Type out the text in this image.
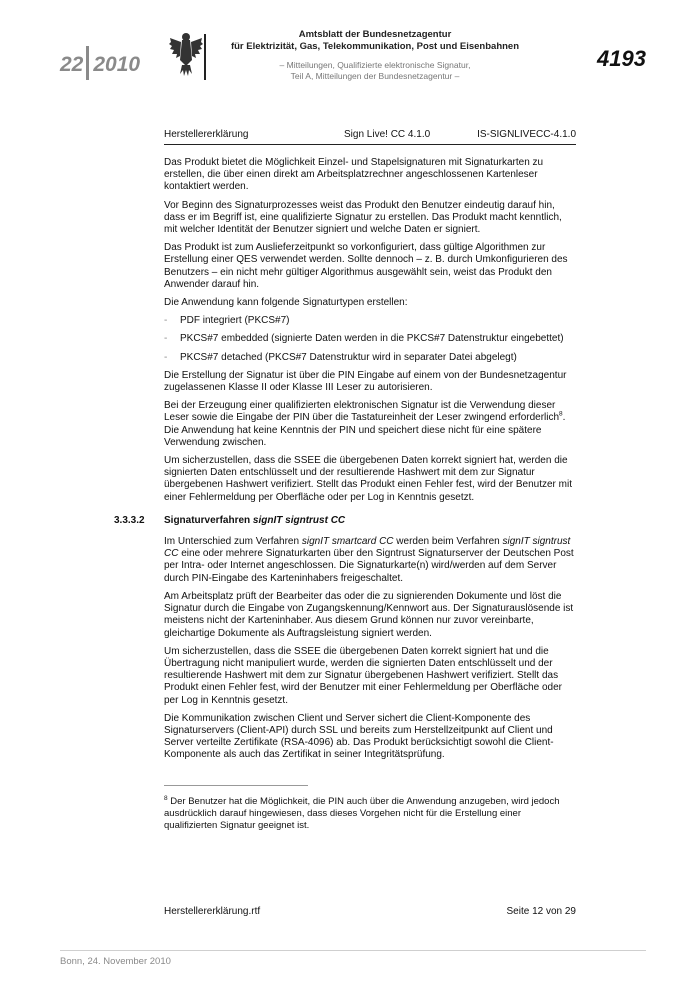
22 2010
Amtsblatt der Bundesnetzagentur
für Elektrizität, Gas, Telekommunikation, Post und Eisenbahnen
– Mitteilungen, Qualifizierte elektronische Signatur,
Teil A, Mitteilungen der Bundesnetzagentur –
4193
Herstellererklärung	Sign Live! CC 4.1.0	IS-SIGNLIVECC-4.1.0

Das Produkt bietet die Möglichkeit Einzel- und Stapelsignaturen mit Signaturkarten zu erstellen, die über einen direkt am Arbeitsplatzrechner angeschlossenen Kartenleser kontaktiert werden.

Vor Beginn des Signaturprozesses weist das Produkt den Benutzer eindeutig darauf hin, dass er im Begriff ist, eine qualifizierte Signatur zu erstellen. Das Produkt macht kenntlich, mit welcher Identität der Benutzer signiert und welche Daten er signiert.

Das Produkt ist zum Auslieferzeitpunkt so vorkonfiguriert, dass gültige Algorithmen zur Erstellung einer QES verwendet werden. Sollte dennoch – z. B. durch Umkonfigurieren des Benutzers – ein nicht mehr gültiger Algorithmus ausgewählt sein, weist das Produkt den Anwender darauf hin.

Die Anwendung kann folgende Signaturtypen erstellen:

- PDF integriert (PKCS#7)
- PKCS#7 embedded (signierte Daten werden in die PKCS#7 Datenstruktur eingebettet)
- PKCS#7 detached (PKCS#7 Datenstruktur wird in separater Datei abgelegt)

Die Erstellung der Signatur ist über die PIN Eingabe auf einem von der Bundesnetzagentur zugelassenen Klasse II oder Klasse III Leser zu autorisieren.

Bei der Erzeugung einer qualifizierten elektronischen Signatur ist die Verwendung dieser Leser sowie die Eingabe der PIN über die Tastatureinheit der Leser zwingend erforderlich$^8$. Die Anwendung hat keine Kenntnis der PIN und speichert diese nicht für eine spätere Verwendung zwischen.

Um sicherzustellen, dass die SSEE die übergebenen Daten korrekt signiert hat, werden die signierten Daten entschlüsselt und der resultierende Hashwert mit dem zur Signatur übergebenen Hashwert verifiziert. Stellt das Produkt einen Fehler fest, wird der Benutzer mit einer Fehlermeldung per Oberfläche oder per Log in Kenntnis gesetzt.

3.3.3.2 Signaturverfahren signIT signtrust CC

Im Unterschied zum Verfahren signIT smartcard CC werden beim Verfahren signIT signtrust CC eine oder mehrere Signaturkarten über den Signtrust Signaturserver der Deutschen Post per Intra- oder Internet angeschlossen. Die Signaturkarte(n) wird/werden auf dem Server durch PIN-Eingabe des Karteninhabers freigeschaltet.

Am Arbeitsplatz prüft der Bearbeiter das oder die zu signierenden Dokumente und löst die Signatur durch die Eingabe von Zugangskennung/Kennwort aus. Der Signaturauslösende ist meistens nicht der Karteninhaber. Aus diesem Grund können nur zuvor vereinbarte, gleichartige Dokumente als Auftragsleistung signiert werden.

Um sicherzustellen, dass die SSEE die übergebenen Daten korrekt signiert hat und die Übertragung nicht manipuliert wurde, werden die signierten Daten entschlüsselt und der resultierende Hashwert mit dem zur Signatur übergebenen Hashwert verifiziert. Stellt das Produkt einen Fehler fest, wird der Benutzer mit einer Fehlermeldung per Oberfläche oder per Log in Kenntnis gesetzt.

Die Kommunikation zwischen Client und Server sichert die Client-Komponente des Signaturservers (Client-API) durch SSL und bereits zum Herstellzeitpunkt auf Client und Server verteilte Zertifikate (RSA-4096) ab. Das Produkt berücksichtigt sowohl die Client-Komponente als auch das Zertifikat in seiner Integritätsprüfung.

$^8$ Der Benutzer hat die Möglichkeit, die PIN auch über die Anwendung anzugeben, wird jedoch ausdrücklich darauf hingewiesen, dass dieses Vorgehen nicht für die Erstellung einer qualifizierten Signatur geeignet ist.
Herstellererklärung.rtf	Seite 12 von 29
Bonn, 24. November 2010
